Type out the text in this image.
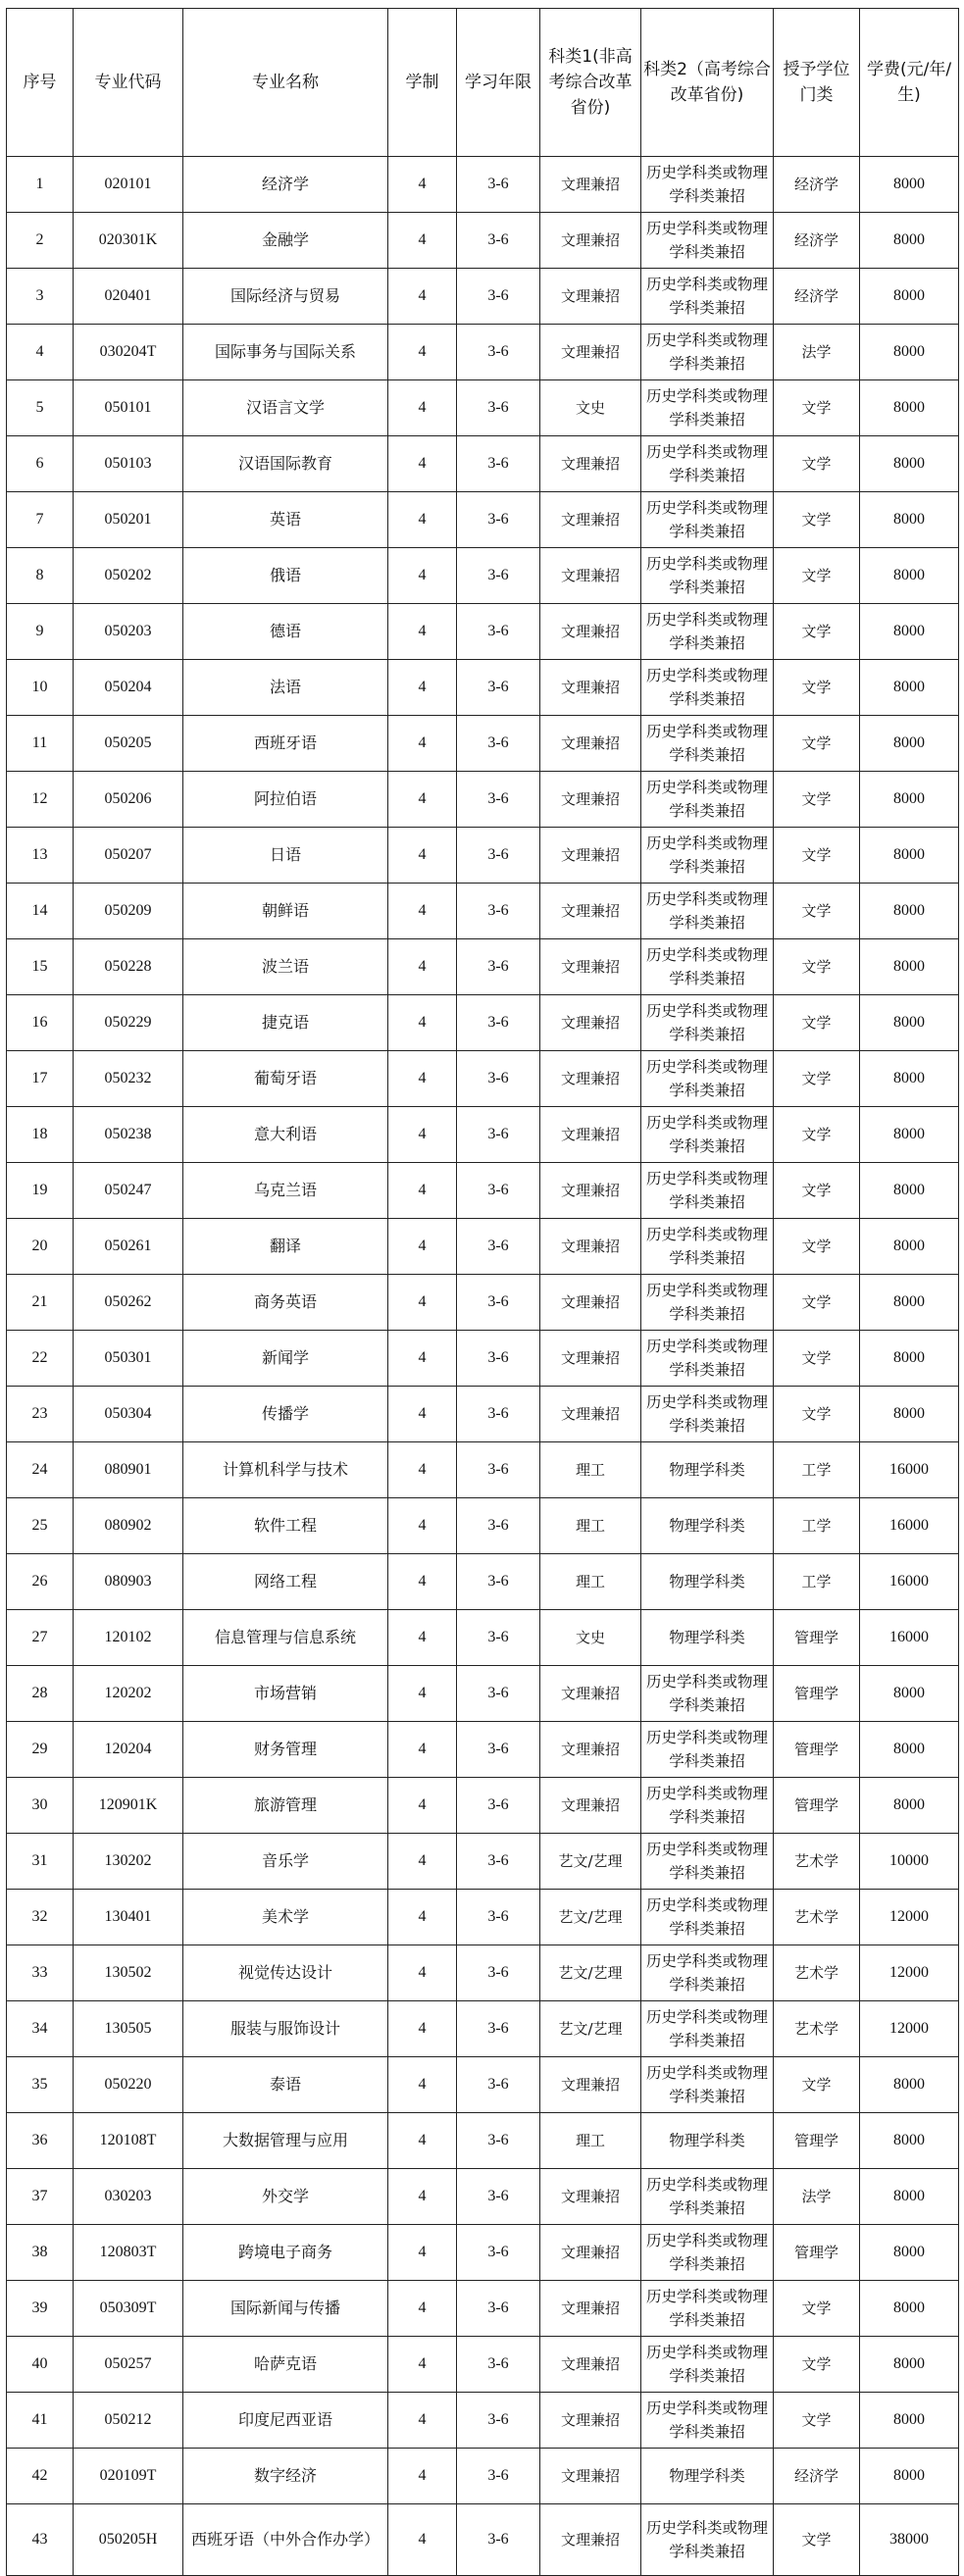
序号	专业代码	专业名称	学制	学习年限	科类1(非高考综合改革省份)	科类2（高考综合改革省份)	授予学位门类	学费(元/年/生)
1	020101	经济学	4	3-6	文理兼招	历史学科类或物理学科类兼招	经济学	8000
2	020301K	金融学	4	3-6	文理兼招	历史学科类或物理学科类兼招	经济学	8000
3	020401	国际经济与贸易	4	3-6	文理兼招	历史学科类或物理学科类兼招	经济学	8000
4	030204T	国际事务与国际关系	4	3-6	文理兼招	历史学科类或物理学科类兼招	法学	8000
5	050101	汉语言文学	4	3-6	文史	历史学科类或物理学科类兼招	文学	8000
6	050103	汉语国际教育	4	3-6	文理兼招	历史学科类或物理学科类兼招	文学	8000
7	050201	英语	4	3-6	文理兼招	历史学科类或物理学科类兼招	文学	8000
8	050202	俄语	4	3-6	文理兼招	历史学科类或物理学科类兼招	文学	8000
9	050203	德语	4	3-6	文理兼招	历史学科类或物理学科类兼招	文学	8000
10	050204	法语	4	3-6	文理兼招	历史学科类或物理学科类兼招	文学	8000
11	050205	西班牙语	4	3-6	文理兼招	历史学科类或物理学科类兼招	文学	8000
12	050206	阿拉伯语	4	3-6	文理兼招	历史学科类或物理学科类兼招	文学	8000
13	050207	日语	4	3-6	文理兼招	历史学科类或物理学科类兼招	文学	8000
14	050209	朝鲜语	4	3-6	文理兼招	历史学科类或物理学科类兼招	文学	8000
15	050228	波兰语	4	3-6	文理兼招	历史学科类或物理学科类兼招	文学	8000
16	050229	捷克语	4	3-6	文理兼招	历史学科类或物理学科类兼招	文学	8000
17	050232	葡萄牙语	4	3-6	文理兼招	历史学科类或物理学科类兼招	文学	8000
18	050238	意大利语	4	3-6	文理兼招	历史学科类或物理学科类兼招	文学	8000
19	050247	乌克兰语	4	3-6	文理兼招	历史学科类或物理学科类兼招	文学	8000
20	050261	翻译	4	3-6	文理兼招	历史学科类或物理学科类兼招	文学	8000
21	050262	商务英语	4	3-6	文理兼招	历史学科类或物理学科类兼招	文学	8000
22	050301	新闻学	4	3-6	文理兼招	历史学科类或物理学科类兼招	文学	8000
23	050304	传播学	4	3-6	文理兼招	历史学科类或物理学科类兼招	文学	8000
24	080901	计算机科学与技术	4	3-6	理工	物理学科类	工学	16000
25	080902	软件工程	4	3-6	理工	物理学科类	工学	16000
26	080903	网络工程	4	3-6	理工	物理学科类	工学	16000
27	120102	信息管理与信息系统	4	3-6	文史	物理学科类	管理学	16000
28	120202	市场营销	4	3-6	文理兼招	历史学科类或物理学科类兼招	管理学	8000
29	120204	财务管理	4	3-6	文理兼招	历史学科类或物理学科类兼招	管理学	8000
30	120901K	旅游管理	4	3-6	文理兼招	历史学科类或物理学科类兼招	管理学	8000
31	130202	音乐学	4	3-6	艺文/艺理	历史学科类或物理学科类兼招	艺术学	10000
32	130401	美术学	4	3-6	艺文/艺理	历史学科类或物理学科类兼招	艺术学	12000
33	130502	视觉传达设计	4	3-6	艺文/艺理	历史学科类或物理学科类兼招	艺术学	12000
34	130505	服装与服饰设计	4	3-6	艺文/艺理	历史学科类或物理学科类兼招	艺术学	12000
35	050220	泰语	4	3-6	文理兼招	历史学科类或物理学科类兼招	文学	8000
36	120108T	大数据管理与应用	4	3-6	理工	物理学科类	管理学	8000
37	030203	外交学	4	3-6	文理兼招	历史学科类或物理学科类兼招	法学	8000
38	120803T	跨境电子商务	4	3-6	文理兼招	历史学科类或物理学科类兼招	管理学	8000
39	050309T	国际新闻与传播	4	3-6	文理兼招	历史学科类或物理学科类兼招	文学	8000
40	050257	哈萨克语	4	3-6	文理兼招	历史学科类或物理学科类兼招	文学	8000
41	050212	印度尼西亚语	4	3-6	文理兼招	历史学科类或物理学科类兼招	文学	8000
42	020109T	数字经济	4	3-6	文理兼招	物理学科类	经济学	8000
43	050205H	西班牙语（中外合作办学）	4	3-6	文理兼招	历史学科类或物理学科类兼招	文学	38000
